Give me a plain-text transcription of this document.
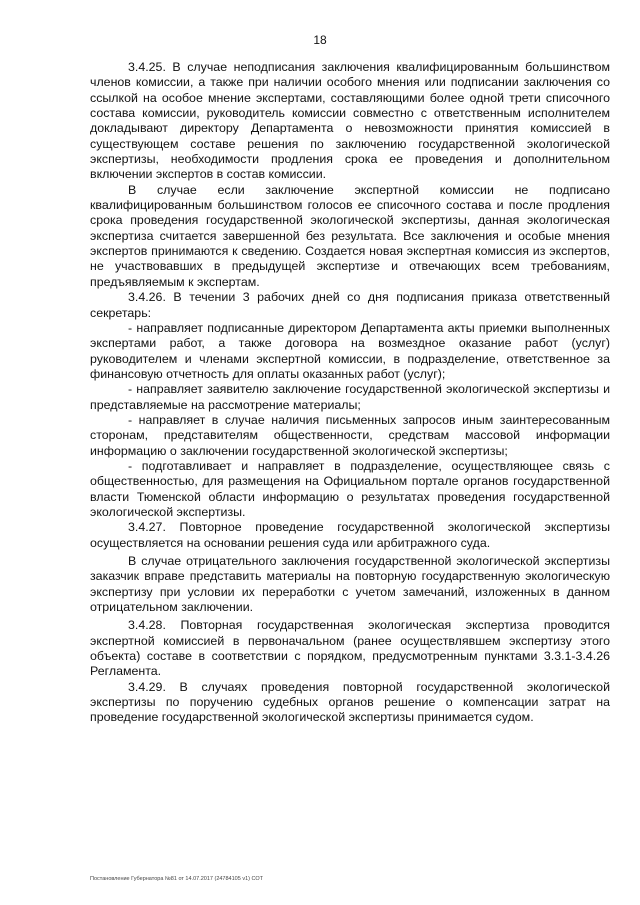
18

3.4.25. В случае неподписания заключения квалифицированным большинством членов комиссии, а также при наличии особого мнения или подписании заключения со ссылкой на особое мнение экспертами, составляющими более одной трети списочного состава комиссии, руководитель комиссии совместно с ответственным исполнителем докладывают директору Департамента о невозможности принятия комиссией в существующем составе решения по заключению государственной экологической экспертизы, необходимости продления срока ее проведения и дополнительном включении экспертов в состав комиссии.

В случае если заключение экспертной комиссии не подписано квалифицированным большинством голосов ее списочного состава и после продления срока проведения государственной экологической экспертизы, данная экологическая экспертиза считается завершенной без результата. Все заключения и особые мнения экспертов принимаются к сведению. Создается новая экспертная комиссия из экспертов, не участвовавших в предыдущей экспертизе и отвечающих всем требованиям, предъявляемым к экспертам.

3.4.26. В течении 3 рабочих дней со дня подписания приказа ответственный секретарь:

- направляет подписанные директором Департамента акты приемки выполненных экспертами работ, а также договора на возмездное оказание работ (услуг) руководителем и членами экспертной комиссии, в подразделение, ответственное за финансовую отчетность для оплаты оказанных работ (услуг);

- направляет заявителю заключение государственной экологической экспертизы и представляемые на рассмотрение материалы;

- направляет в случае наличия письменных запросов иным заинтересованным сторонам, представителям общественности, средствам массовой информации информацию о заключении государственной экологической экспертизы;

- подготавливает и направляет в подразделение, осуществляющее связь с общественностью, для размещения на Официальном портале органов государственной власти Тюменской области информацию о результатах проведения государственной экологической экспертизы.

3.4.27. Повторное проведение государственной экологической экспертизы осуществляется на основании решения суда или арбитражного суда.

В случае отрицательного заключения государственной экологической экспертизы заказчик вправе представить материалы на повторную государственную экологическую экспертизу при условии их переработки с учетом замечаний, изложенных в данном отрицательном заключении.

3.4.28. Повторная государственная экологическая экспертиза проводится экспертной комиссией в первоначальном (ранее осуществлявшем экспертизу этого объекта) составе в соответствии с порядком, предусмотренным пунктами 3.3.1-3.4.26 Регламента.

3.4.29. В случаях проведения повторной государственной экологической экспертизы по поручению судебных органов решение о компенсации затрат на проведение государственной экологической экспертизы принимается судом.

Постановление Губернатора №81 от 14.07.2017 (24784105 v1) СОТ
